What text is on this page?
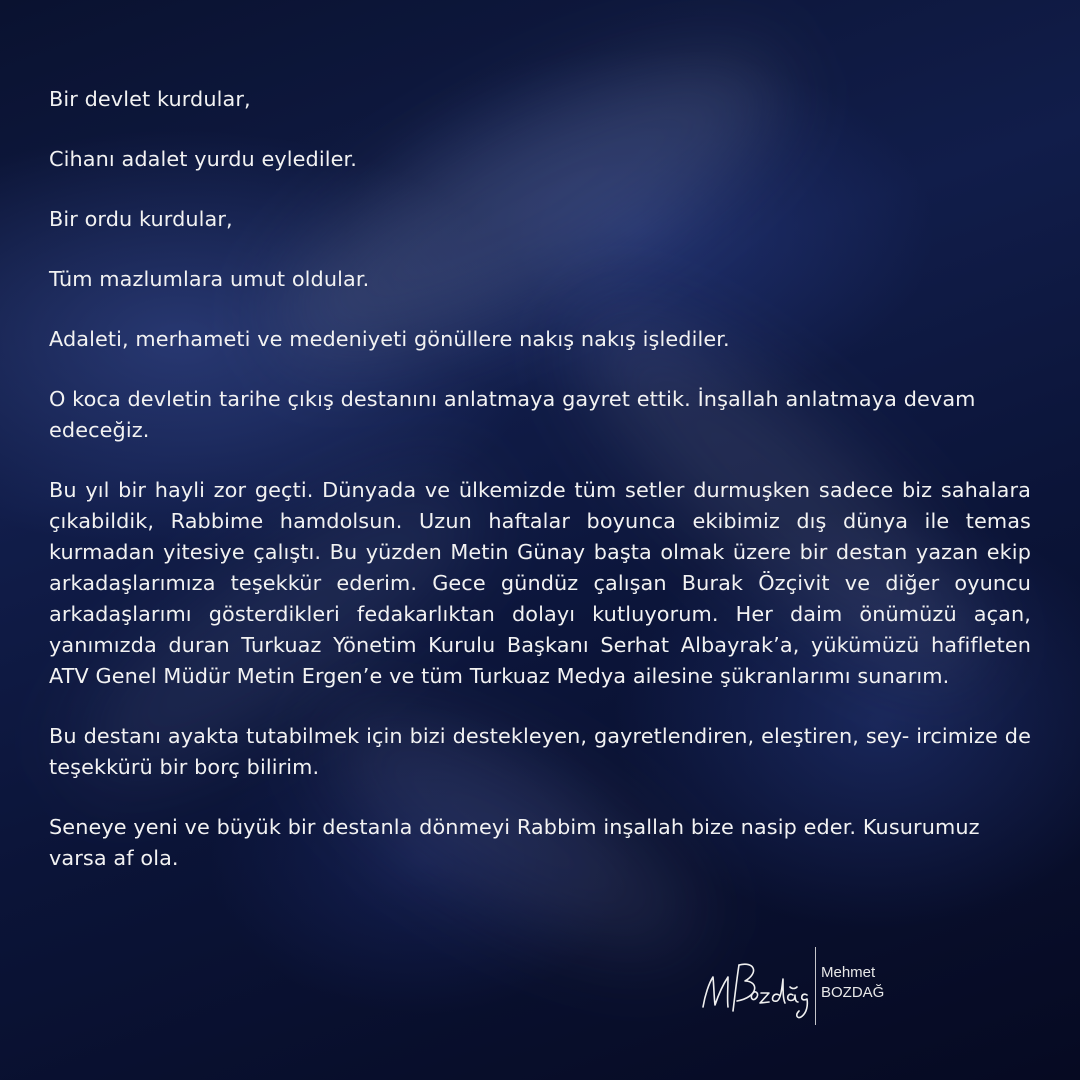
Bir devlet kurdular,

Cihanı adalet yurdu eylediler.

Bir ordu kurdular,

Tüm mazlumlara umut oldular.

Adaleti, merhameti ve medeniyeti gönüllere nakış nakış işlediler.

O koca devletin tarihe çıkış destanını anlatmaya gayret ettik. İnşallah anlatmaya devam edeceğiz.

Bu yıl bir hayli zor geçti. Dünyada ve ülkemizde tüm setler durmuşken sadece biz sahalara çıkabildik, Rabbime hamdolsun. Uzun haftalar boyunca ekibimiz dış dünya ile temas kurmadan yitesiye çalıştı. Bu yüzden Metin Günay başta olmak üzere bir destan yazan ekip arkadaşlarımıza teşekkür ederim. Gece gündüz çalışan Burak Özçivit ve diğer oyuncu arkadaşlarımı gösterdikleri fedakarlıktan dolayı kutluyorum. Her daim önümüzü açan, yanımızda duran Turkuaz Yönetim Kurulu Başkanı Serhat Albayrak’a, yükümüzü hafifleten ATV Genel Müdür Metin Ergen’e ve tüm Turkuaz Medya ailesine şükranlarımı sunarım.

Bu destanı ayakta tutabilmek için bizi destekleyen, gayretlendiren, eleştiren, sey- ircimize de teşekkürü bir borç bilirim.

Seneye yeni ve büyük bir destanla dönmeyi Rabbim inşallah bize nasip eder. Kusurumuz varsa af ola.

Mehmet
BOZDAĞ
